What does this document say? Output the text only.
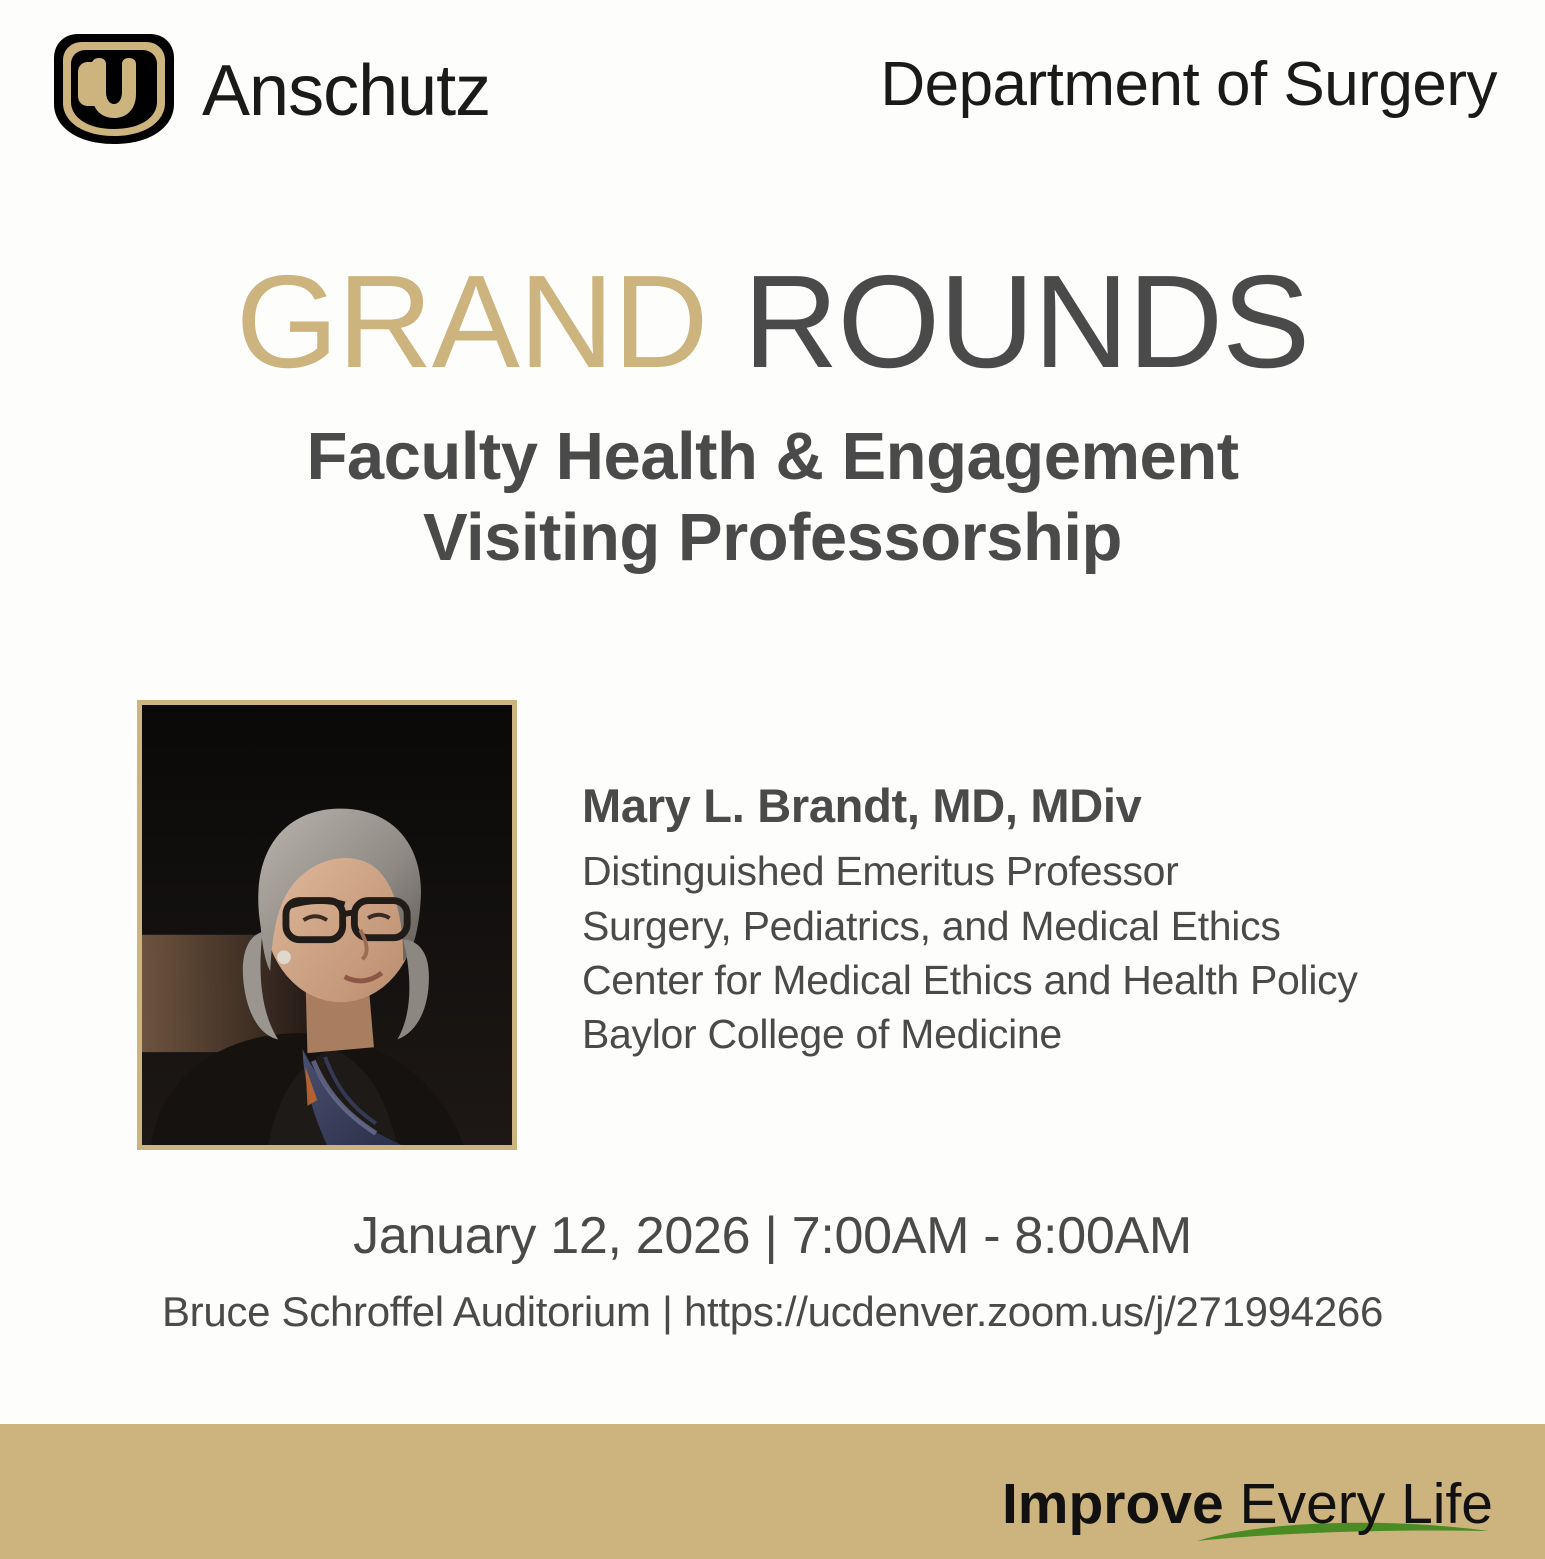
Anschutz	Department of Surgery
GRAND ROUNDS
Faculty Health & Engagement
Visiting Professorship
Mary L. Brandt, MD, MDiv
Distinguished Emeritus Professor
Surgery, Pediatrics, and Medical Ethics
Center for Medical Ethics and Health Policy
Baylor College of Medicine
January 12, 2026 | 7:00AM - 8:00AM
Bruce Schroffel Auditorium | https://ucdenver.zoom.us/j/271994266
Improve Every Life
